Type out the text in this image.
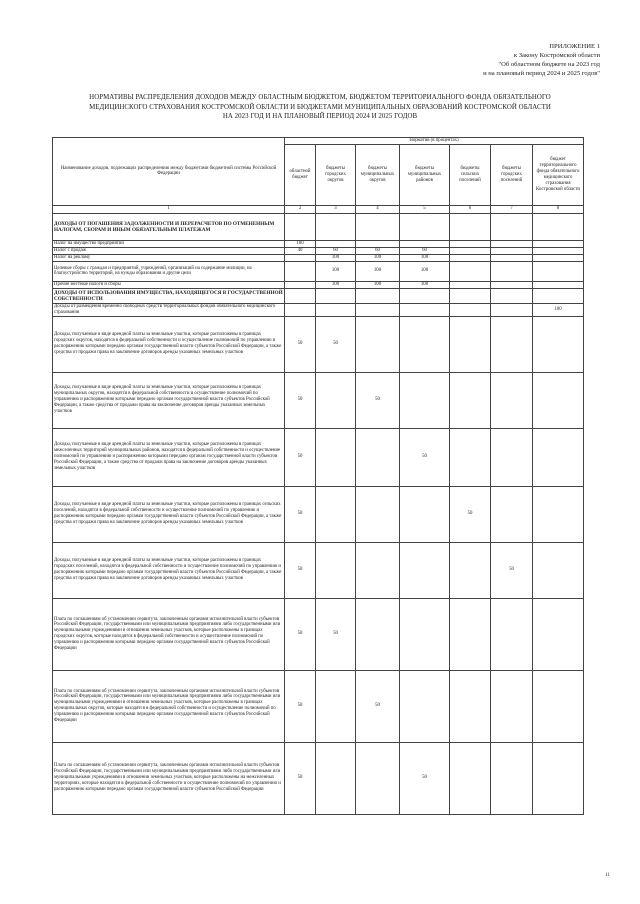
ПРИЛОЖЕНИЕ 1
к Закону Костромской области
"Об областном бюджете на 2023 год
и на плановый период 2024 и 2025 годов"
НОРМАТИВЫ РАСПРЕДЕЛЕНИЯ ДОХОДОВ МЕЖДУ ОБЛАСТНЫМ БЮДЖЕТОМ, БЮДЖЕТОМ ТЕРРИТОРИАЛЬНОГО ФОНДА ОБЯЗАТЕЛЬНОГО
МЕДИЦИНСКОГО СТРАХОВАНИЯ КОСТРОМСКОЙ ОБЛАСТИ И БЮДЖЕТАМИ МУНИЦИПАЛЬНЫХ ОБРАЗОВАНИЙ КОСТРОМСКОЙ ОБЛАСТИ
НА 2023 ГОД И НА ПЛАНОВЫЙ ПЕРИОД 2024 И 2025 ГОДОВ
Наименование доходов, подлежащих распределению между бюджетами бюджетной системы Российской Федерации	Норматив (в процентах)						
	областной бюджет	бюджеты городских округов	бюджеты муниципальных округов	бюджеты муниципальных районов	бюджеты сельских поселений	бюджеты городских поселений	бюджет территориального фонда обязательного медицинского страхования Костромской области
1	2	3	4	5	6	7	8
ДОХОДЫ ОТ ПОГАШЕНИЯ ЗАДОЛЖЕННОСТИ И ПЕРЕРАСЧЕТОВ ПО ОТМЕНЕННЫМ НАЛОГАМ, СБОРАМ И ИНЫМ ОБЯЗАТЕЛЬНЫМ ПЛАТЕЖАМ							
Налог на имущество предприятий	100						
Налог с продаж	40	60	60	60			
Налог на рекламу		100	100	100			
Целевые сборы с граждан и предприятий, учреждений, организаций на содержание милиции, на благоустройство территорий, на нужды образования и другие цели		100	100	100			
Прочие местные налоги и сборы		100	100	100			
ДОХОДЫ ОТ ИСПОЛЬЗОВАНИЯ ИМУЩЕСТВА, НАХОДЯЩЕГОСЯ В ГОСУДАРСТВЕННОЙ СОБСТВЕННОСТИ							
Доходы от размещения временно свободных средств территориальных фондов обязательного медицинского страхования							100
Доходы, получаемые в виде арендной платы за земельные участки, которые расположены в границах городских округов, находятся в федеральной собственности и осуществление полномочий по управлению и распоряжению которыми передано органам государственной власти субъектов Российской Федерации, а также средства от продажи права на заключение договоров аренды указанных земельных участков	50	50					
Доходы, получаемые в виде арендной платы за земельные участки, которые расположены в границах муниципальных округов, находятся в федеральной собственности и осуществление полномочий по управлению и распоряжению которыми передано органам государственной власти субъектов Российской Федерации, а также средства от продажи права на заключение договоров аренды указанных земельных участков	50		50				
Доходы, получаемые в виде арендной платы за земельные участки, которые расположены в границах межселенных территорий муниципальных районов, находятся в федеральной собственности и осуществление полномочий по управлению и распоряжению которыми передано органам государственной власти субъектов Российской Федерации, а также средства от продажи права на заключение договоров аренды указанных земельных участков	50			50			
Доходы, получаемые в виде арендной платы за земельные участки, которые расположены в границах сельских поселений, находятся в федеральной собственности и осуществление полномочий по управлению и распоряжению которыми передано органам государственной власти субъектов Российской Федерации, а также средства от продажи права на заключение договоров аренды указанных земельных участков	50				50		
Доходы, получаемые в виде арендной платы за земельные участки, которые расположены в границах городских поселений, находятся в федеральной собственности и осуществление полномочий по управлению и распоряжению которыми передано органам государственной власти субъектов Российской Федерации, а также средства от продажи права на заключение договоров аренды указанных земельных участков	50					50	
Плата по соглашениям об установлении сервитута, заключенным органами исполнительной власти субъектов Российской Федерации, государственными или муниципальными предприятиями либо государственными или муниципальными учреждениями в отношении земельных участков, которые расположены в границах городских округов, которые находятся в федеральной собственности и осуществление полномочий по управлению и распоряжению которыми передано органам государственной власти субъектов Российской Федерации	50	50					
Плата по соглашениям об установлении сервитута, заключенным органами исполнительной власти субъектов Российской Федерации, государственными или муниципальными предприятиями либо государственными или муниципальными учреждениями в отношении земельных участков, которые расположены в границах муниципальных округов, которые находятся в федеральной собственности и осуществление полномочий по управлению и распоряжению которыми передано органам государственной власти субъектов Российской Федерации	50		50				
Плата по соглашениям об установлении сервитута, заключенным органами исполнительной власти субъектов Российской Федерации, государственными или муниципальными предприятиями либо государственными или муниципальными учреждениями в отношении земельных участков, которые расположены на межселенных территориях, которые находятся в федеральной собственности и осуществление полномочий по управлению и распоряжению которыми передано органам государственной власти субъектов Российской Федерации	50			50			
11
